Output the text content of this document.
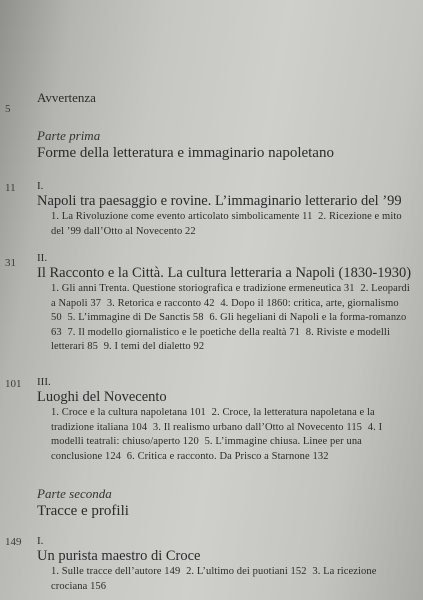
5
Avvertenza
Parte prima
Forme della letteratura e immaginario napoletano
11 I.
Napoli tra paesaggio e rovine. L’immaginario letterario del ’99
1. La Rivoluzione come evento articolato simbolicamente 11 2. Ricezione e mito del ’99 dall’Otto al Novecento 22
31 II.
Il Racconto e la Città. La cultura letteraria a Napoli (1830-1930)
1. Gli anni Trenta. Questione storiografica e tradizione ermeneutica 31 2. Leopardi a Napoli 37 3. Retorica e racconto 42 4. Dopo il 1860: critica, arte, giornalismo 50 5. L’immagine di De Sanctis 58 6. Gli hegeliani di Napoli e la forma-romanzo 63 7. Il modello giornalistico e le poetiche della realtà 71 8. Riviste e modelli letterari 85 9. I temi del dialetto 92
101 III.
Luoghi del Novecento
1. Croce e la cultura napoletana 101 2. Croce, la letteratura napoletana e la tradizione italiana 104 3. Il realismo urbano dall’Otto al Novecento 115 4. I modelli teatrali: chiuso/aperto 120 5. L’immagine chiusa. Linee per una conclusione 124 6. Critica e racconto. Da Prisco a Starnone 132
Parte seconda
Tracce e profili
149 I.
Un purista maestro di Croce
1. Sulle tracce dell’autore 149 2. L’ultimo dei puotiani 152 3. La ricezione crociana 156
